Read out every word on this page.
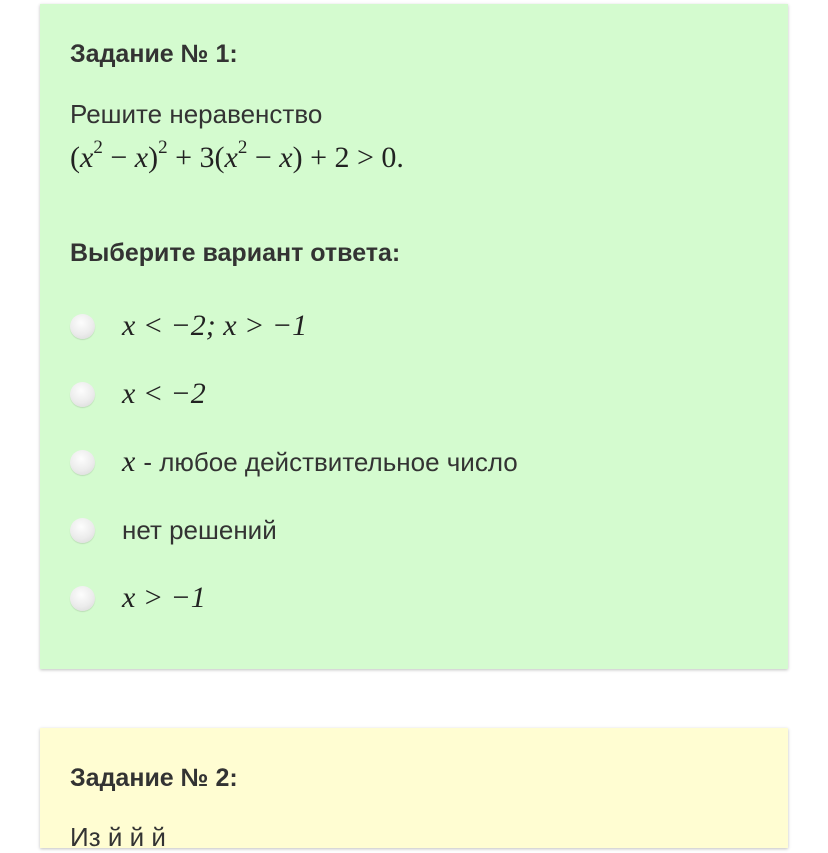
Задание № 1:
Решите неравенство
$(x^2 - x)^2 + 3(x^2 - x) + 2 > 0$.
Выберите вариант ответа:
x < −2; x > −1
x < −2
x - любое действительное число
нет решений
x > −1
Задание № 2:
Из й й й
